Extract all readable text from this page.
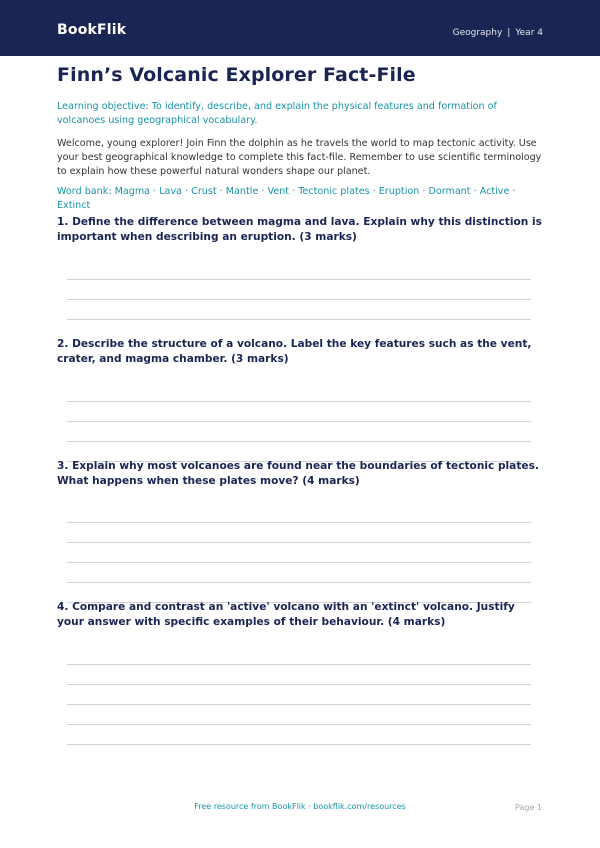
BookFlik	Geography | Year 4
Finn’s Volcanic Explorer Fact-File

Learning objective: To identify, describe, and explain the physical features and formation of volcanoes using geographical vocabulary.

Welcome, young explorer! Join Finn the dolphin as he travels the world to map tectonic activity. Use your best geographical knowledge to complete this fact-file. Remember to use scientific terminology to explain how these powerful natural wonders shape our planet.

Word bank: Magma · Lava · Crust · Mantle · Vent · Tectonic plates · Eruption · Dormant · Active · Extinct

1. Define the difference between magma and lava. Explain why this distinction is important when describing an eruption. (3 marks)

2. Describe the structure of a volcano. Label the key features such as the vent, crater, and magma chamber. (3 marks)

3. Explain why most volcanoes are found near the boundaries of tectonic plates. What happens when these plates move? (4 marks)

4. Compare and contrast an 'active' volcano with an 'extinct' volcano. Justify your answer with specific examples of their behaviour. (4 marks)

Free resource from BookFlik · bookflik.com/resources	Page 1
